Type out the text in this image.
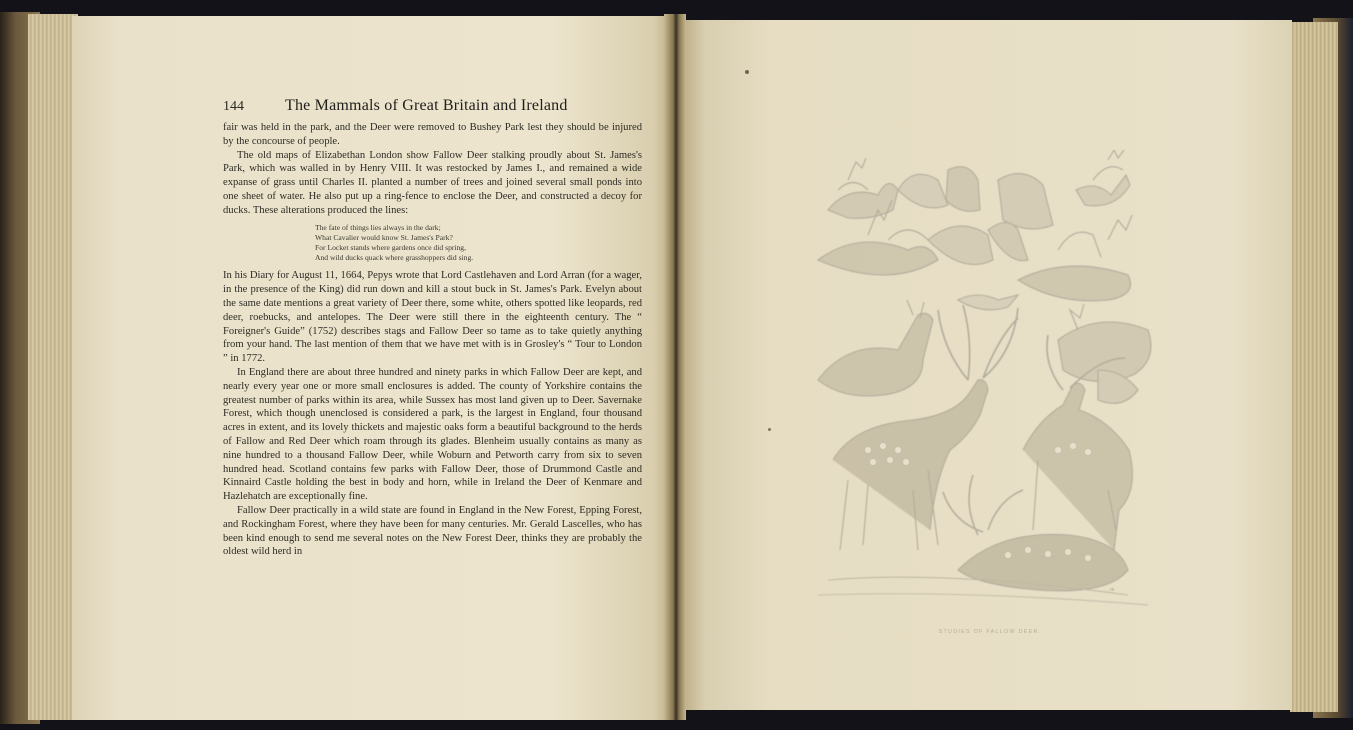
144	The Mammals of Great Britain and Ireland

fair was held in the park, and the Deer were removed to Bushey Park lest they should be injured by the concourse of people.

The old maps of Elizabethan London show Fallow Deer stalking proudly about St. James's Park, which was walled in by Henry VIII. It was restocked by James I., and remained a wide expanse of grass until Charles II. planted a number of trees and joined several small ponds into one sheet of water. He also put up a ring-fence to enclose the Deer, and constructed a decoy for ducks. These alterations produced the lines:

The fate of things lies always in the dark;
What Cavalier would know St. James's Park?
For Locket stands where gardens once did spring,
And wild ducks quack where grasshoppers did sing.

In his Diary for August 11, 1664, Pepys wrote that Lord Castlehaven and Lord Arran (for a wager, in the presence of the King) did run down and kill a stout buck in St. James's Park. Evelyn about the same date mentions a great variety of Deer there, some white, others spotted like leopards, red deer, roebucks, and antelopes. The Deer were still there in the eighteenth century. The “ Foreigner's Guide” (1752) describes stags and Fallow Deer so tame as to take quietly anything from your hand. The last mention of them that we have met with is in Grosley's “ Tour to London ” in 1772.

In England there are about three hundred and ninety parks in which Fallow Deer are kept, and nearly every year one or more small enclosures is added. The county of Yorkshire contains the greatest number of parks within its area, while Sussex has most land given up to Deer. Savernake Forest, which though unenclosed is considered a park, is the largest in England, four thousand acres in extent, and its lovely thickets and majestic oaks form a beautiful background to the herds of Fallow and Red Deer which roam through its glades. Blenheim usually contains as many as nine hundred to a thousand Fallow Deer, while Woburn and Petworth carry from six to seven hundred head. Scotland contains few parks with Fallow Deer, those of Drummond Castle and Kinnaird Castle holding the best in body and horn, while in Ireland the Deer of Kenmare and Hazlehatch are exceptionally fine.

Fallow Deer practically in a wild state are found in England in the New Forest, Epping Forest, and Rockingham Forest, where they have been for many centuries. Mr. Gerald Lascelles, who has been kind enough to send me several notes on the New Forest Deer, thinks they are probably the oldest wild herd in

❧
STUDIES OF FALLOW DEER.
